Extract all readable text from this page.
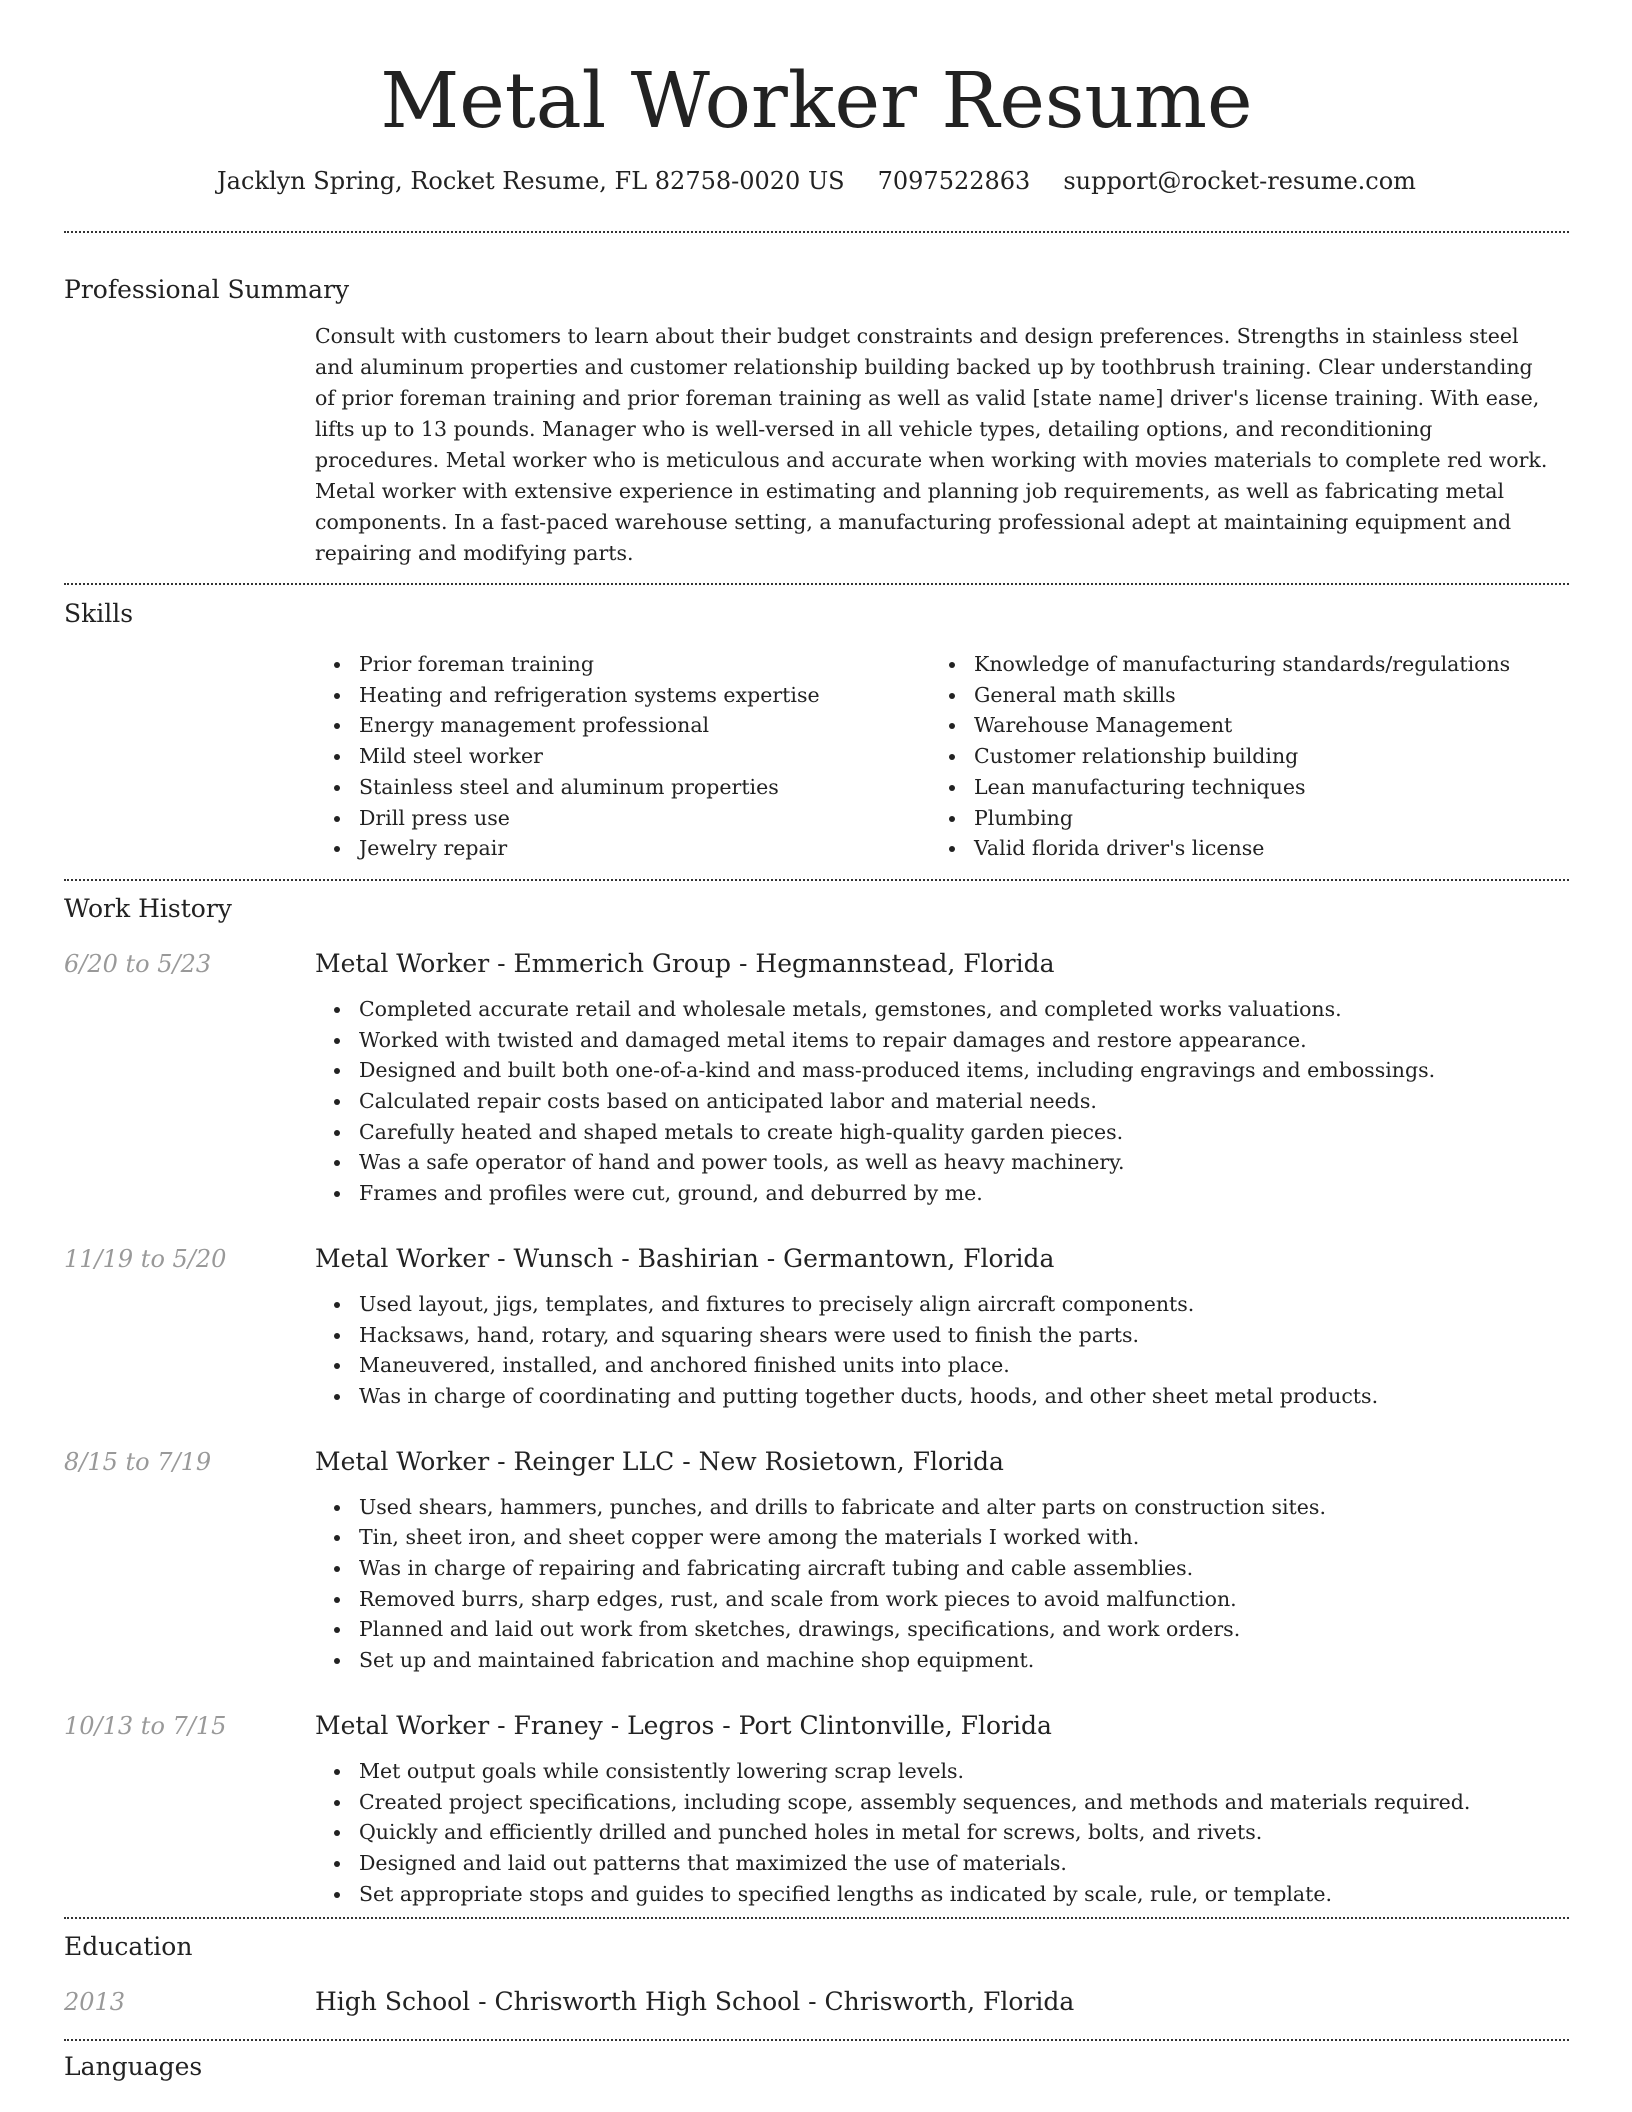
Metal Worker Resume
Jacklyn Spring, Rocket Resume, FL 82758-0020 US 7097522863 support@rocket-resume.com
Professional Summary

Consult with customers to learn about their budget constraints and design preferences. Strengths in stainless steel and aluminum properties and customer relationship building backed up by toothbrush training. Clear understanding of prior foreman training and prior foreman training as well as valid [state name] driver's license training. With ease, lifts up to 13 pounds. Manager who is well-versed in all vehicle types, detailing options, and reconditioning procedures. Metal worker who is meticulous and accurate when working with movies materials to complete red work. Metal worker with extensive experience in estimating and planning job requirements, as well as fabricating metal components. In a fast-paced warehouse setting, a manufacturing professional adept at maintaining equipment and repairing and modifying parts.

Skills
Prior foreman training
Heating and refrigeration systems expertise
Energy management professional
Mild steel worker
Stainless steel and aluminum properties
Drill press use
Jewelry repair
Knowledge of manufacturing standards/regulations
General math skills
Warehouse Management
Customer relationship building
Lean manufacturing techniques
Plumbing
Valid florida driver's license
Work History
6/20 to 5/23	Metal Worker - Emmerich Group - Hegmannstead, Florida
Completed accurate retail and wholesale metals, gemstones, and completed works valuations.
Worked with twisted and damaged metal items to repair damages and restore appearance.
Designed and built both one-of-a-kind and mass-produced items, including engravings and embossings.
Calculated repair costs based on anticipated labor and material needs.
Carefully heated and shaped metals to create high-quality garden pieces.
Was a safe operator of hand and power tools, as well as heavy machinery.
Frames and profiles were cut, ground, and deburred by me.
11/19 to 5/20	Metal Worker - Wunsch - Bashirian - Germantown, Florida
Used layout, jigs, templates, and fixtures to precisely align aircraft components.
Hacksaws, hand, rotary, and squaring shears were used to finish the parts.
Maneuvered, installed, and anchored finished units into place.
Was in charge of coordinating and putting together ducts, hoods, and other sheet metal products.
8/15 to 7/19	Metal Worker - Reinger LLC - New Rosietown, Florida
Used shears, hammers, punches, and drills to fabricate and alter parts on construction sites.
Tin, sheet iron, and sheet copper were among the materials I worked with.
Was in charge of repairing and fabricating aircraft tubing and cable assemblies.
Removed burrs, sharp edges, rust, and scale from work pieces to avoid malfunction.
Planned and laid out work from sketches, drawings, specifications, and work orders.
Set up and maintained fabrication and machine shop equipment.
10/13 to 7/15	Metal Worker - Franey - Legros - Port Clintonville, Florida
Met output goals while consistently lowering scrap levels.
Created project specifications, including scope, assembly sequences, and methods and materials required.
Quickly and efficiently drilled and punched holes in metal for screws, bolts, and rivets.
Designed and laid out patterns that maximized the use of materials.
Set appropriate stops and guides to specified lengths as indicated by scale, rule, or template.
Education
2013	High School - Chrisworth High School - Chrisworth, Florida
Languages
